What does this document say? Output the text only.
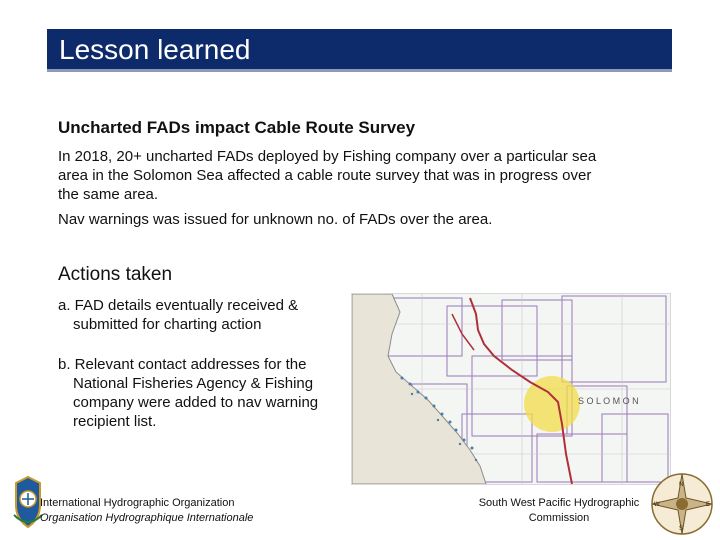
Lesson learned
Uncharted FADs impact Cable Route Survey
In 2018, 20+ uncharted FADs deployed by Fishing company over a particular sea
area in the Solomon Sea affected a cable route survey that was in progress over
the same area.
Nav warnings was issued for unknown no. of FADs over the area.
Actions taken
a. FAD details eventually received &
submitted for charting action
b. Relevant contact addresses for the
National Fisheries Agency & Fishing
company were added to nav warning
recipient list.
S O L O M O N
International Hydrographic Organization
Organisation Hydrographique Internationale
South West Pacific Hydrographic
Commission
N
S
W	E
